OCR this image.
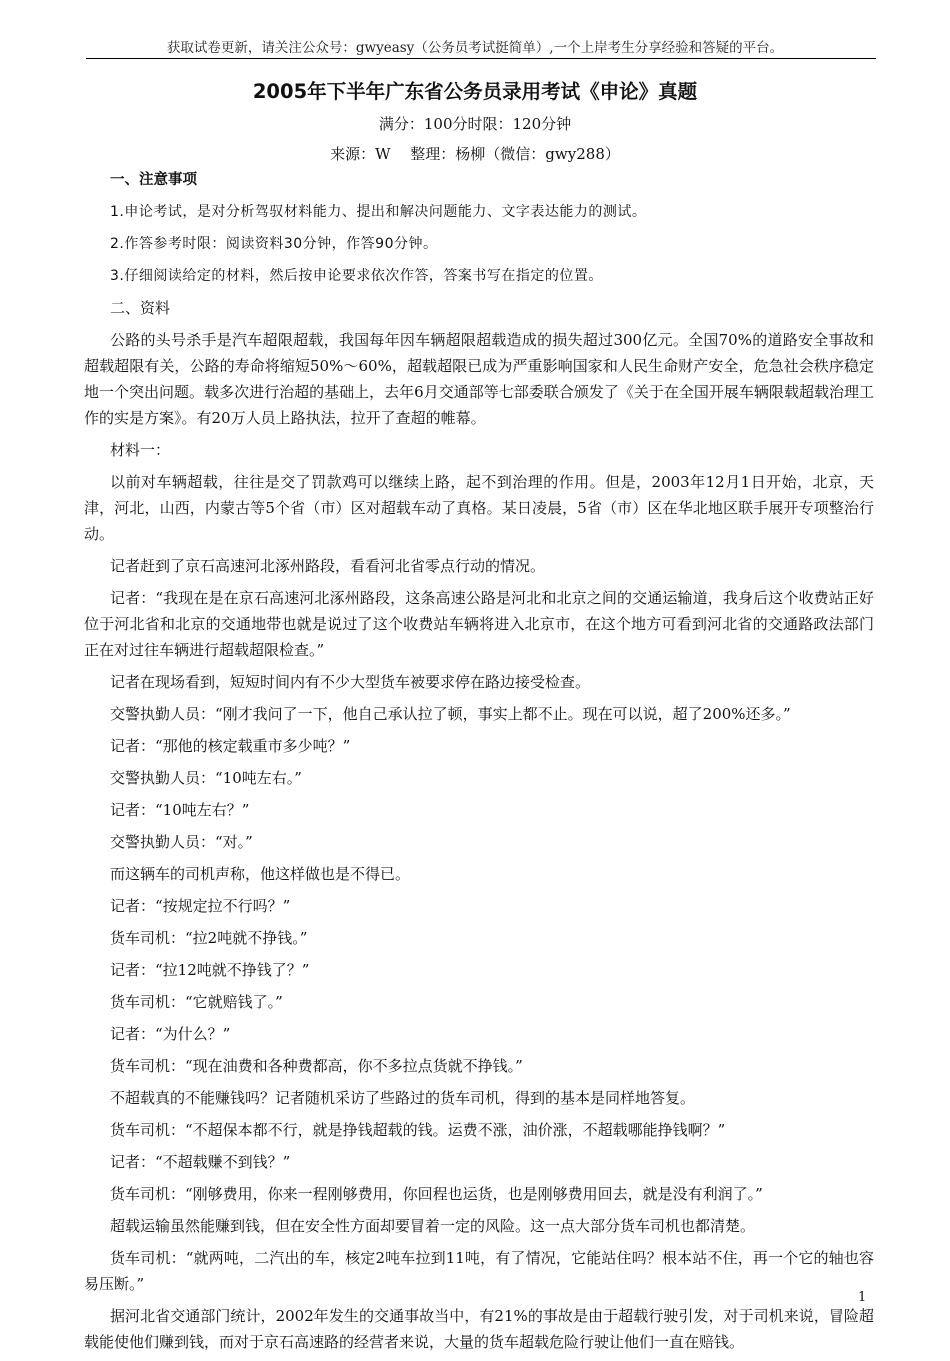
获取试卷更新，请关注公众号：gwyeasy（公务员考试挺简单）,一个上岸考生分享经验和答疑的平台。
2005年下半年广东省公务员录用考试《申论》真题
满分：100分时限：120分钟
来源：W　 整理：杨柳（微信：gwy288）

一、注意事项

1.申论考试，是对分析驾驭材料能力、提出和解决问题能力、文字表达能力的测试。

2.作答参考时限：阅读资料30分钟，作答90分钟。

3.仔细阅读给定的材料，然后按申论要求依次作答，答案书写在指定的位置。

二、资料

公路的头号杀手是汽车超限超载，我国每年因车辆超限超载造成的损失超过300亿元。全国70%的道路安全事故和超载超限有关，公路的寿命将缩短50%～60%，超载超限已成为严重影响国家和人民生命财产安全，危急社会秩序稳定地一个突出问题。载多次进行治超的基础上，去年6月交通部等七部委联合颁发了《关于在全国开展车辆限载超载治理工作的实是方案》。有20万人员上路执法，拉开了查超的帷幕。

材料一：

以前对车辆超载，往往是交了罚款鸡可以继续上路，起不到治理的作用。但是，2003年12月1日开始，北京，天津，河北，山西，内蒙古等5个省（市）区对超载车动了真格。某日凌晨，5省（市）区在华北地区联手展开专项整治行动。

记者赶到了京石高速河北涿州路段，看看河北省零点行动的情况。

记者：“我现在是在京石高速河北涿州路段，这条高速公路是河北和北京之间的交通运输道，我身后这个收费站正好位于河北省和北京的交通地带也就是说过了这个收费站车辆将进入北京市，在这个地方可看到河北省的交通路政法部门正在对过往车辆进行超载超限检查。”

记者在现场看到，短短时间内有不少大型货车被要求停在路边接受检查。

交警执勤人员：“刚才我问了一下，他自己承认拉了顿，事实上都不止。现在可以说，超了200%还多。”

记者：“那他的核定载重市多少吨？”

交警执勤人员：“10吨左右。”

记者：“10吨左右？”

交警执勤人员：“对。”

而这辆车的司机声称，他这样做也是不得已。

记者：“按规定拉不行吗？”

货车司机：“拉2吨就不挣钱。”

记者：“拉12吨就不挣钱了？”

货车司机：“它就赔钱了。”

记者：“为什么？”

货车司机：“现在油费和各种费都高，你不多拉点货就不挣钱。”

不超载真的不能赚钱吗？记者随机采访了些路过的货车司机，得到的基本是同样地答复。

货车司机：“不超保本都不行，就是挣钱超载的钱。运费不涨，油价涨，不超载哪能挣钱啊？”

记者：“不超载赚不到钱？”

货车司机：“刚够费用，你来一程刚够费用，你回程也运货，也是刚够费用回去，就是没有利润了。”

超载运输虽然能赚到钱，但在安全性方面却要冒着一定的风险。这一点大部分货车司机也都清楚。

货车司机：“就两吨，二汽出的车，核定2吨车拉到11吨，有了情况，它能站住吗？根本站不住，再一个它的轴也容易压断。”

据河北省交通部门统计，2002年发生的交通事故当中，有21%的事故是由于超载行驶引发，对于司机来说，冒险超载能使他们赚到钱，而对于京石高速路的经营者来说，大量的货车超载危险行驶让他们一直在赔钱。

1
